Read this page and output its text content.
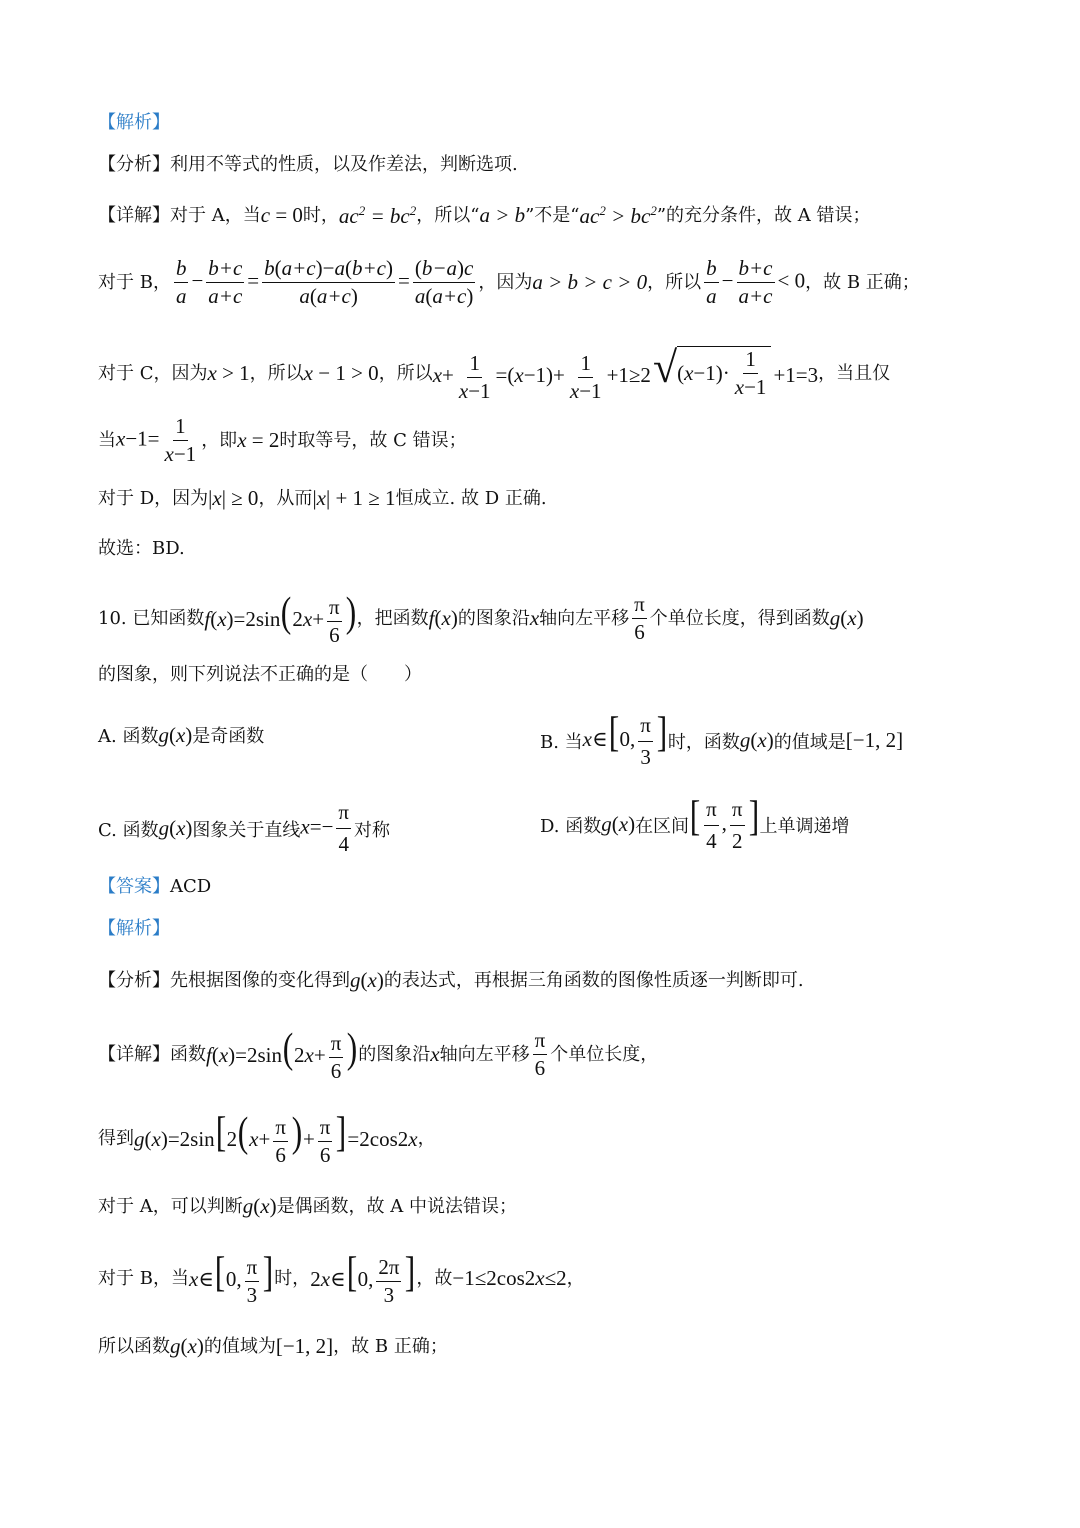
【解析】
【分析】 利用不等式的性质，以及作差法，判断选项.
【详解】 对于 A，当 c = 0 时， $ac^2 = bc^2$ ，所以“ a > b ”不是“ $ac^2 > bc^2$ ”的充分条件，故 A 错误；
对于 B， $\frac{b}{a} - \frac{b+c}{a+c} = \frac{b(a+c)-a(b+c)}{a(a+c)} = \frac{(b-a)c}{a(a+c)}$ ，因为 a > b > c > 0 ，所以 $\frac{b}{a} - \frac{b+c}{a+c} < 0$ ，故 B 正确；
对于 C，因为 x > 1 ，所以 x − 1 > 0 ，所以 $x+ \frac{1}{x-1} =(x-1)+ \frac{1}{x-1} +1\ge 2$ √ ( $x -1)\cdot \frac{1}{x-1} +1=3$ ，当且仅
当 $x-1= \frac{1}{x-1}$ ，即 x = 2 时取等号，故 C 错误；
对于 D，因为 |x| ≥ 0 ，从而 |x| + 1 ≥ 1 恒成立. 故 D 正确.
故选：BD.
10. 已知函数 $f(x)=2\sin(2x+ \frac{\pi}{6}$ ) ，把函数 f(x) 的图象沿 x 轴向左平移 $\frac{\pi}{6}$ 个单位长度，得到函数 g(x)
的图象，则下列说法不正确的是（　　）
A. 函数 g(x) 是奇函数	B. 当 x∈[0, $\frac{\pi}{3}$ ] 时，函数 g(x) 的值域是 [−1, 2]
C. 函数 g(x) 图象关于直线 $x=- \frac{\pi}{4}$ 对称	D. 函数 g(x) 在区间 [ $\frac{\pi}{4}$ , $\frac{\pi}{2}$ ] 上单调递增
【答案】 ACD
【解析】
【分析】 先根据图像的变化得到 g(x) 的表达式，再根据三角函数的图像性质逐一判断即可.
【详解】 函数 $f(x)=2\sin(2x+ \frac{\pi}{6}$ ) 的图象沿 x 轴向左平移 $\frac{\pi}{6}$ 个单位长度，
得到 $g(x)=2\sin[2(x+ \frac{\pi}{6}$ )+ $\frac{\pi}{6} ]=2\cos 2x$ ，
对于 A，可以判断 g(x) 是偶函数，故 A 中说法错误；
对于 B，当 x∈[0, $\frac{\pi}{3}$ ] 时， 2x∈[0, $\frac{2\pi}{3}$ ] ，故 −1≤2cos2x≤2 ，
所以函数 g(x) 的值域为 [−1, 2] ，故 B 正确；
